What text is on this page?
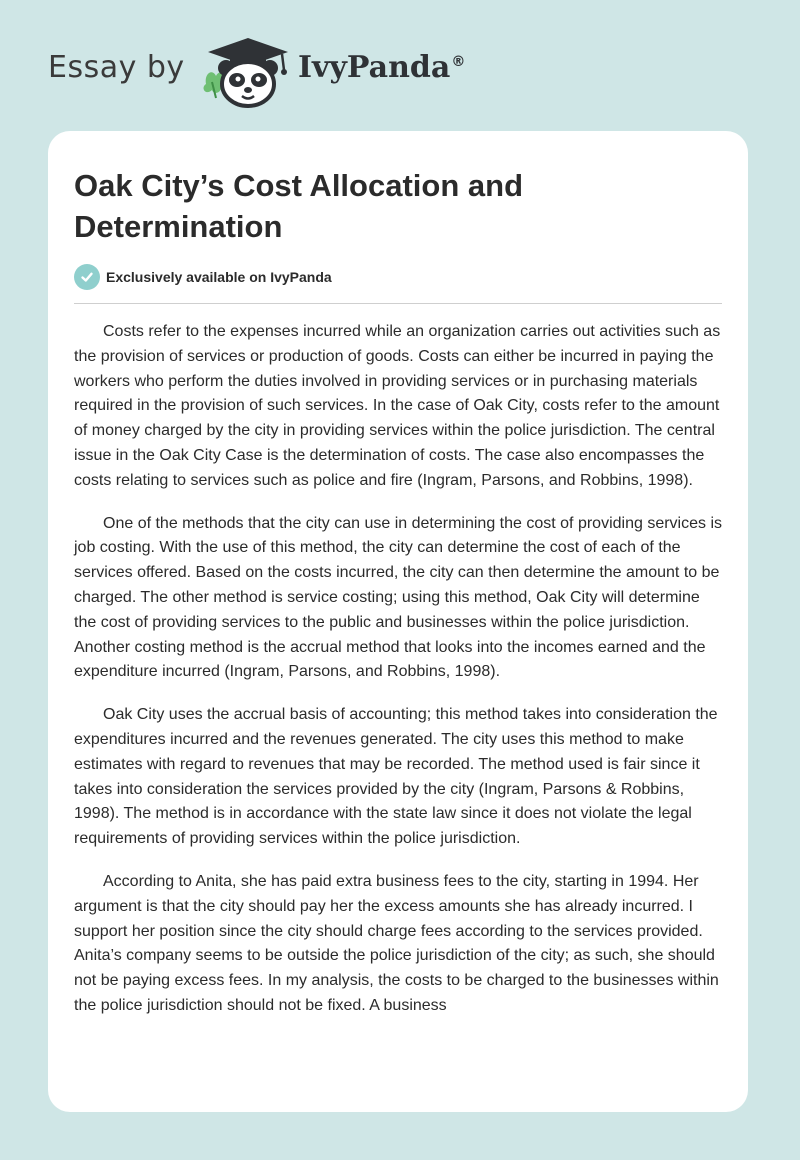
Essay by	IvyPanda®
Oak City’s Cost Allocation and Determination
Exclusively available on IvyPanda

Costs refer to the expenses incurred while an organization carries out activities such as the provision of services or production of goods. Costs can either be incurred in paying the workers who perform the duties involved in providing services or in purchasing materials required in the provision of such services. In the case of Oak City, costs refer to the amount of money charged by the city in providing services within the police jurisdiction. The central issue in the Oak City Case is the determination of costs. The case also encompasses the costs relating to services such as police and fire (Ingram, Parsons, and Robbins, 1998).

One of the methods that the city can use in determining the cost of providing services is job costing. With the use of this method, the city can determine the cost of each of the services offered. Based on the costs incurred, the city can then determine the amount to be charged. The other method is service costing; using this method, Oak City will determine the cost of providing services to the public and businesses within the police jurisdiction. Another costing method is the accrual method that looks into the incomes earned and the expenditure incurred (Ingram, Parsons, and Robbins, 1998).

Oak City uses the accrual basis of accounting; this method takes into consideration the expenditures incurred and the revenues generated. The city uses this method to make estimates with regard to revenues that may be recorded. The method used is fair since it takes into consideration the services provided by the city (Ingram, Parsons & Robbins, 1998). The method is in accordance with the state law since it does not violate the legal requirements of providing services within the police jurisdiction.

According to Anita, she has paid extra business fees to the city, starting in 1994. Her argument is that the city should pay her the excess amounts she has already incurred. I support her position since the city should charge fees according to the services provided. Anita’s company seems to be outside the police jurisdiction of the city; as such, she should not be paying excess fees. In my analysis, the costs to be charged to the businesses within the police jurisdiction should not be fixed. A business
